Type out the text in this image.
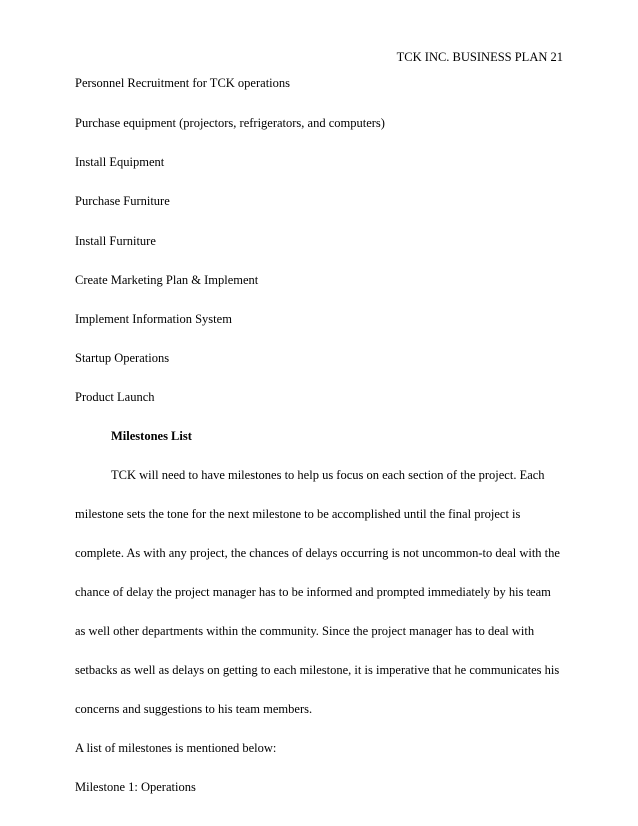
TCK INC. BUSINESS PLAN 21
Personnel Recruitment for TCK operations
Purchase equipment (projectors, refrigerators, and computers)
Install Equipment
Purchase Furniture
Install Furniture
Create Marketing Plan & Implement
Implement Information System
Startup Operations
Product Launch
Milestones List
TCK will need to have milestones to help us focus on each section of the project. Each
milestone sets the tone for the next milestone to be accomplished until the final project is
complete. As with any project, the chances of delays occurring is not uncommon-to deal with the
chance of delay the project manager has to be informed and prompted immediately by his team
as well other departments within the community. Since the project manager has to deal with
setbacks as well as delays on getting to each milestone, it is imperative that he communicates his
concerns and suggestions to his team members.
A list of milestones is mentioned below:
Milestone 1: Operations
